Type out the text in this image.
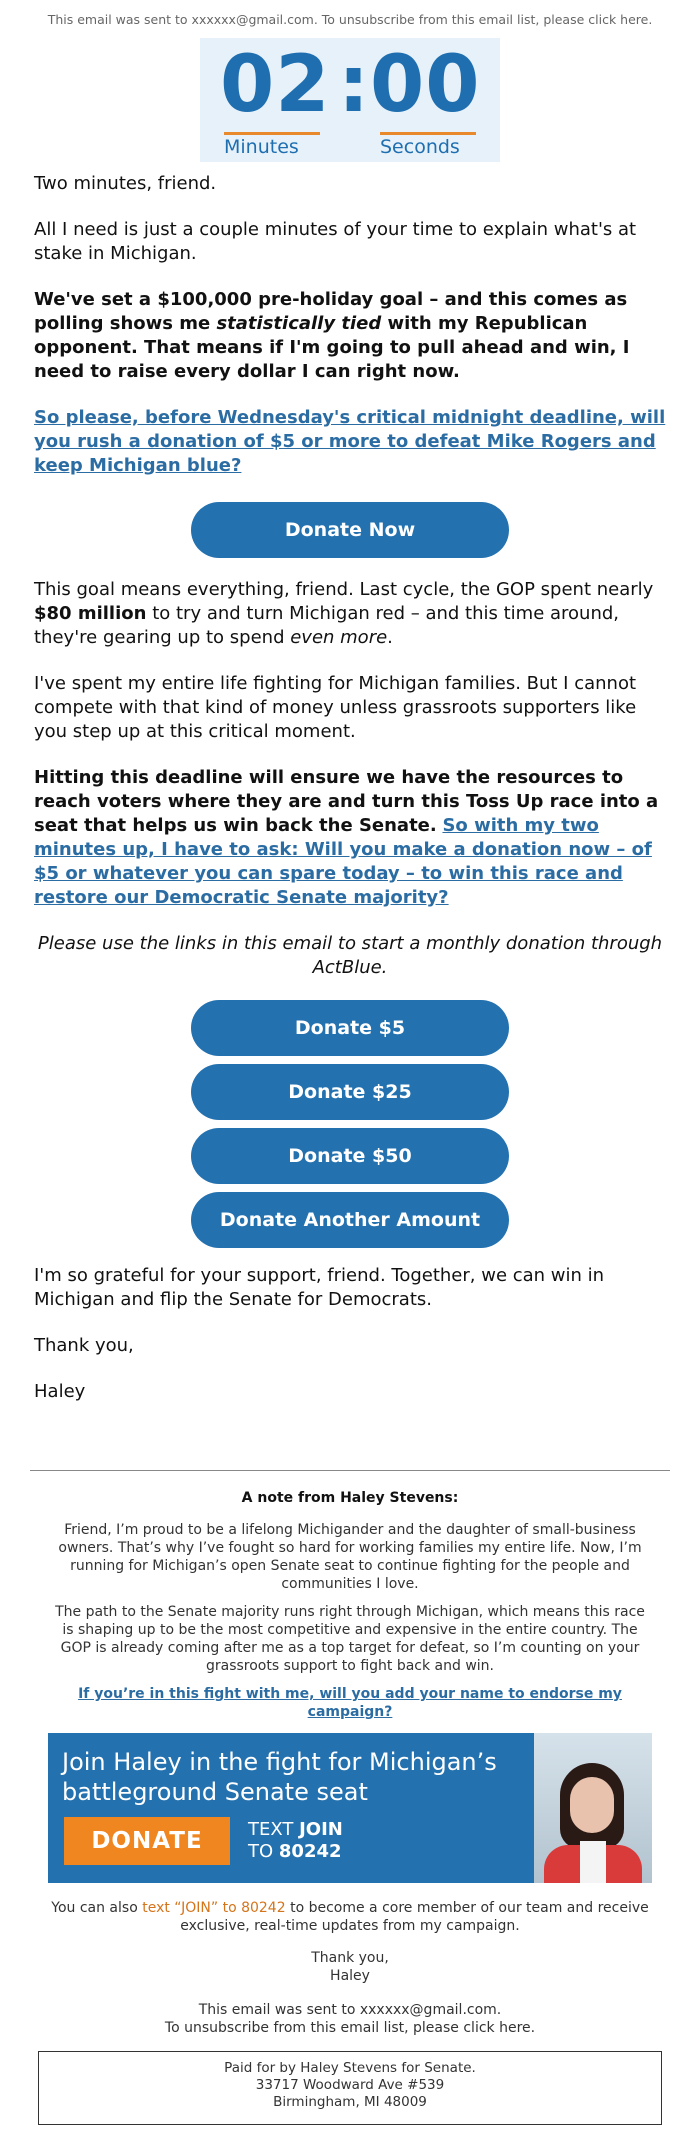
This email was sent to xxxxxx@gmail.com. To unsubscribe from this email list, please click here.
02 : 00
Minutes	Seconds

Two minutes, friend.

All I need is just a couple minutes of your time to explain what's at stake in Michigan.

We've set a $100,000 pre-holiday goal – and this comes as polling shows me statistically tied with my Republican opponent. That means if I'm going to pull ahead and win, I need to raise every dollar I can right now.

So please, before Wednesday's critical midnight deadline, will you rush a donation of $5 or more to defeat Mike Rogers and keep Michigan blue?

Donate Now

This goal means everything, friend. Last cycle, the GOP spent nearly $80 million to try and turn Michigan red – and this time around, they're gearing up to spend even more.

I've spent my entire life fighting for Michigan families. But I cannot compete with that kind of money unless grassroots supporters like you step up at this critical moment.

Hitting this deadline will ensure we have the resources to reach voters where they are and turn this Toss Up race into a seat that helps us win back the Senate. So with my two minutes up, I have to ask: Will you make a donation now – of $5 or whatever you can spare today – to win this race and restore our Democratic Senate majority?

Please use the links in this email to start a monthly donation through ActBlue.

Donate $5
Donate $25
Donate $50
Donate Another Amount

I'm so grateful for your support, friend. Together, we can win in Michigan and flip the Senate for Democrats.

Thank you,

Haley

A note from Haley Stevens:

Friend, I’m proud to be a lifelong Michigander and the daughter of small-business owners. That’s why I’ve fought so hard for working families my entire life. Now, I’m running for Michigan’s open Senate seat to continue fighting for the people and communities I love.

The path to the Senate majority runs right through Michigan, which means this race is shaping up to be the most competitive and expensive in the entire country. The GOP is already coming after me as a top target for defeat, so I’m counting on your grassroots support to fight back and win.

If you’re in this fight with me, will you add your name to endorse my campaign?

Join Haley in the fight for Michigan’s battleground Senate seat
DONATE	TEXT JOIN
TO 80242
You can also text “JOIN” to 80242 to become a core member of our team and receive exclusive, real-time updates from my campaign.
Thank you,
Haley
This email was sent to xxxxxx@gmail.com.
To unsubscribe from this email list, please click here.
Paid for by Haley Stevens for Senate.
33717 Woodward Ave #539
Birmingham, MI 48009
